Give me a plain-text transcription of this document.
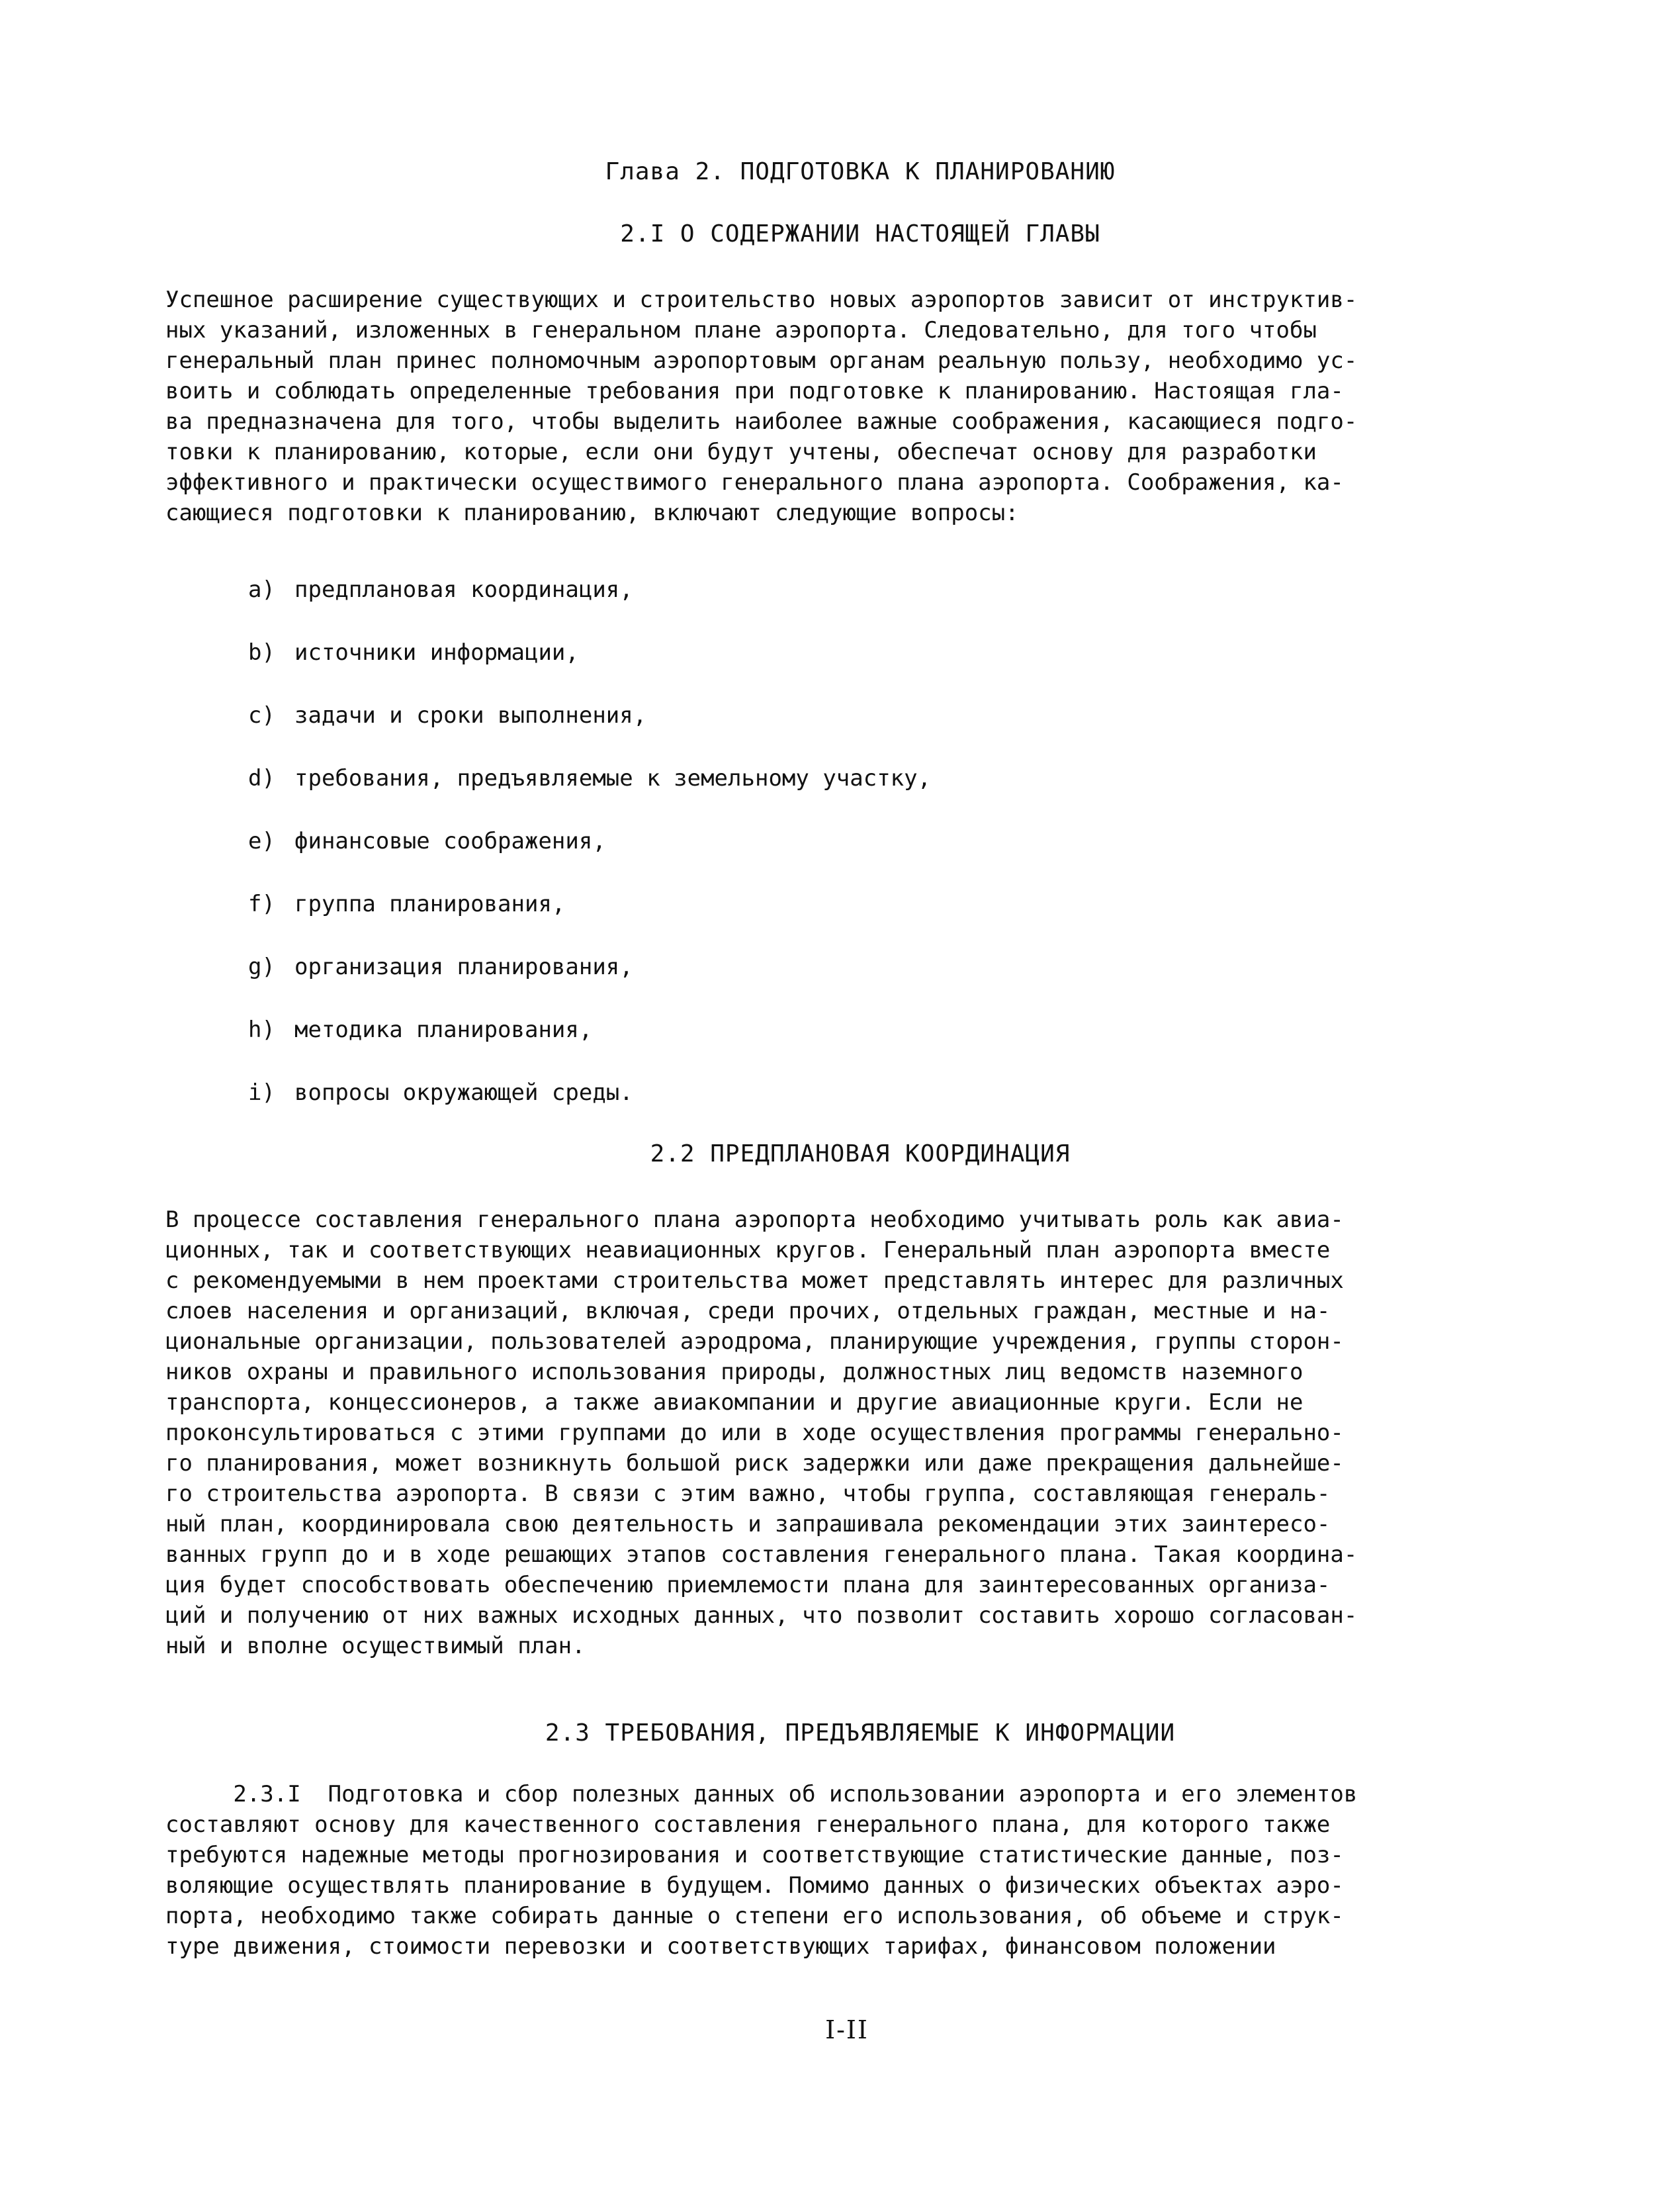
Глава 2. ПОДГОТОВКА К ПЛАНИРОВАНИЮ
2.I О СОДЕРЖАНИИ НАСТОЯЩЕЙ ГЛАВЫ
Успешное расширение существующих и строительство новых аэропортов зависит от инструктив-
ных указаний, изложенных в генеральном плане аэропорта. Следовательно, для того чтобы
генеральный план принес полномочным аэропортовым органам реальную пользу, необходимо ус-
воить и соблюдать определенные требования при подготовке к планированию. Настоящая гла-
ва предназначена для того, чтобы выделить наиболее важные соображения, касающиеся подго-
товки к планированию, которые, если они будут учтены, обеспечат основу для разработки
эффективного и практически осуществимого генерального плана аэропорта. Соображения, ка-
сающиеся подготовки к планированию, включают следующие вопросы:
a) предплановая координация,
b) источники информации,
c) задачи и сроки выполнения,
d) требования, предъявляемые к земельному участку,
e) финансовые соображения,
f) группа планирования,
g) организация планирования,
h) методика планирования,
i) вопросы окружающей среды.
2.2 ПРЕДПЛАНОВАЯ КООРДИНАЦИЯ
В процессе составления генерального плана аэропорта необходимо учитывать роль как авиа-
ционных, так и соответствующих неавиационных кругов. Генеральный план аэропорта вместе
с рекомендуемыми в нем проектами строительства может представлять интерес для различных
слоев населения и организаций, включая, среди прочих, отдельных граждан, местные и на-
циональные организации, пользователей аэродрома, планирующие учреждения, группы сторон-
ников охраны и правильного использования природы, должностных лиц ведомств наземного
транспорта, концессионеров, а также авиакомпании и другие авиационные круги. Если не
проконсультироваться с этими группами до или в ходе осуществления программы генерально-
го планирования, может возникнуть большой риск задержки или даже прекращения дальнейше-
го строительства аэропорта. В связи с этим важно, чтобы группа, составляющая генераль-
ный план, координировала свою деятельность и запрашивала рекомендации этих заинтересо-
ванных групп до и в ходе решающих этапов составления генерального плана. Такая координа-
ция будет способствовать обеспечению приемлемости плана для заинтересованных организа-
ций и получению от них важных исходных данных, что позволит составить хорошо согласован-
ный и вполне осуществимый план.
2.3 ТРЕБОВАНИЯ, ПРЕДЪЯВЛЯЕМЫЕ К ИНФОРМАЦИИ
2.3.I  Подготовка и сбор полезных данных об использовании аэропорта и его элементов
составляют основу для качественного составления генерального плана, для которого также
требуются надежные методы прогнозирования и соответствующие статистические данные, поз-
воляющие осуществлять планирование в будущем. Помимо данных о физических объектах аэро-
порта, необходимо также собирать данные о степени его использования, об объеме и струк-
туре движения, стоимости перевозки и соответствующих тарифах, финансовом положении
I-II
